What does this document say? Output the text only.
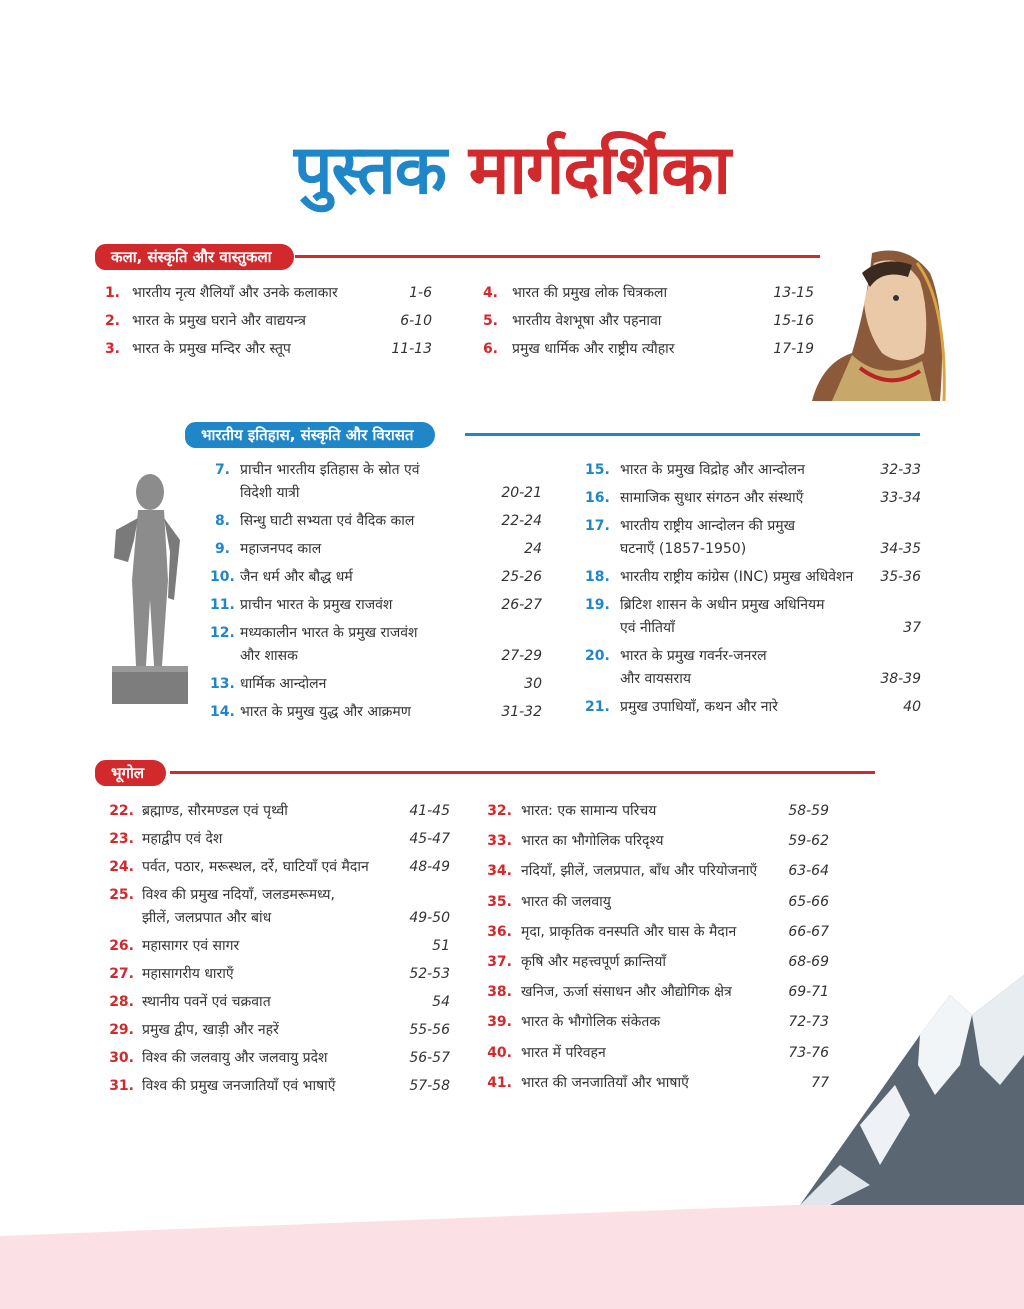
पुस्तक मार्गदर्शिका
कला, संस्कृति और वास्तुकला
1. भारतीय नृत्य शैलियाँ और उनके कलाकार	1-6
2. भारत के प्रमुख घराने और वाद्ययन्त्र	6-10
3. भारत के प्रमुख मन्दिर और स्तूप	11-13
4. भारत की प्रमुख लोक चित्रकला	13-15
5. भारतीय वेशभूषा और पहनावा	15-16
6. प्रमुख धार्मिक और राष्ट्रीय त्यौहार	17-19
भारतीय इतिहास, संस्कृति और विरासत
7. प्राचीन भारतीय इतिहास के स्रोत एवं
विदेशी यात्री	20-21
8. सिन्धु घाटी सभ्यता एवं वैदिक काल	22-24
9. महाजनपद काल	24
10. जैन धर्म और बौद्ध धर्म	25-26
11. प्राचीन भारत के प्रमुख राजवंश	26-27
12. मध्यकालीन भारत के प्रमुख राजवंश
और शासक	27-29
13. धार्मिक आन्दोलन	30
14. भारत के प्रमुख युद्ध और आक्रमण	31-32
15. भारत के प्रमुख विद्रोह और आन्दोलन	32-33
16. सामाजिक सुधार संगठन और संस्थाएँ	33-34
17. भारतीय राष्ट्रीय आन्दोलन की प्रमुख
घटनाएँ (1857-1950)	34-35
18. भारतीय राष्ट्रीय कांग्रेस (INC) प्रमुख अधिवेशन 35-36
19. ब्रिटिश शासन के अधीन प्रमुख अधिनियम
एवं नीतियाँ	37
20. भारत के प्रमुख गवर्नर-जनरल
और वायसराय	38-39
21. प्रमुख उपाधियाँ, कथन और नारे	40
भूगोल
22. ब्रह्माण्ड, सौरमण्डल एवं पृथ्वी	41-45
23. महाद्वीप एवं देश	45-47
24. पर्वत, पठार, मरूस्थल, दर्रे, घाटियाँ एवं मैदान	48-49
25. विश्व की प्रमुख नदियाँ, जलडमरूमध्य,
झीलें, जलप्रपात और बांध	49-50
26. महासागर एवं सागर	51
27. महासागरीय धाराएँ	52-53
28. स्थानीय पवनें एवं चक्रवात	54
29. प्रमुख द्वीप, खाड़ी और नहरें	55-56
30. विश्व की जलवायु और जलवायु प्रदेश	56-57
31. विश्व की प्रमुख जनजातियाँ एवं भाषाएँ	57-58
32. भारत: एक सामान्य परिचय	58-59
33. भारत का भौगोलिक परिदृश्य	59-62
34. नदियाँ, झीलें, जलप्रपात, बाँध और परियोजनाएँ 63-64
35. भारत की जलवायु	65-66
36. मृदा, प्राकृतिक वनस्पति और घास के मैदान	66-67
37. कृषि और महत्त्वपूर्ण क्रान्तियाँ	68-69
38. खनिज, ऊर्जा संसाधन और औद्योगिक क्षेत्र	69-71
39. भारत के भौगोलिक संकेतक	72-73
40. भारत में परिवहन	73-76
41. भारत की जनजातियाँ और भाषाएँ	77
